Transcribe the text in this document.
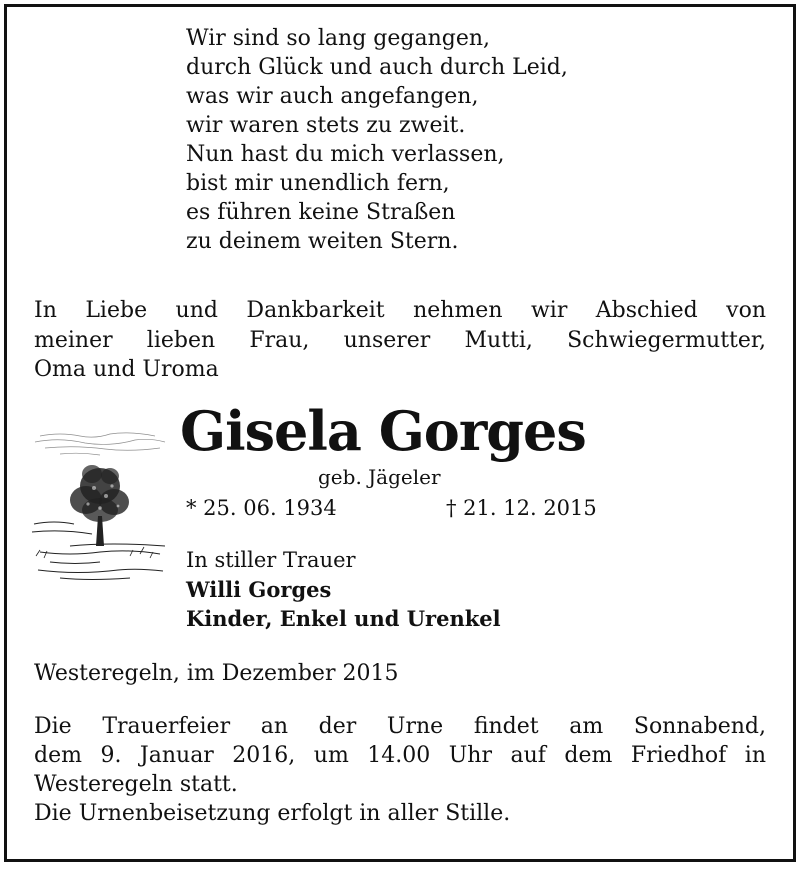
Wir sind so lang gegangen,
durch Glück und auch durch Leid,
was wir auch angefangen,
wir waren stets zu zweit.
Nun hast du mich verlassen,
bist mir unendlich fern,
es führen keine Straßen
zu deinem weiten Stern.
In Liebe und Dankbarkeit nehmen wir Abschied von
meiner lieben Frau, unserer Mutti, Schwiegermutter,
Oma und Uroma
Gisela Gorges
geb. Jägeler
* 25. 06. 1934	† 21. 12. 2015
In stiller Trauer
Willi Gorges
Kinder, Enkel und Urenkel
Westeregeln, im Dezember 2015
Die Trauerfeier an der Urne findet am Sonnabend,
dem 9. Januar 2016, um 14.00 Uhr auf dem Friedhof in
Westeregeln statt.
Die Urnenbeisetzung erfolgt in aller Stille.
